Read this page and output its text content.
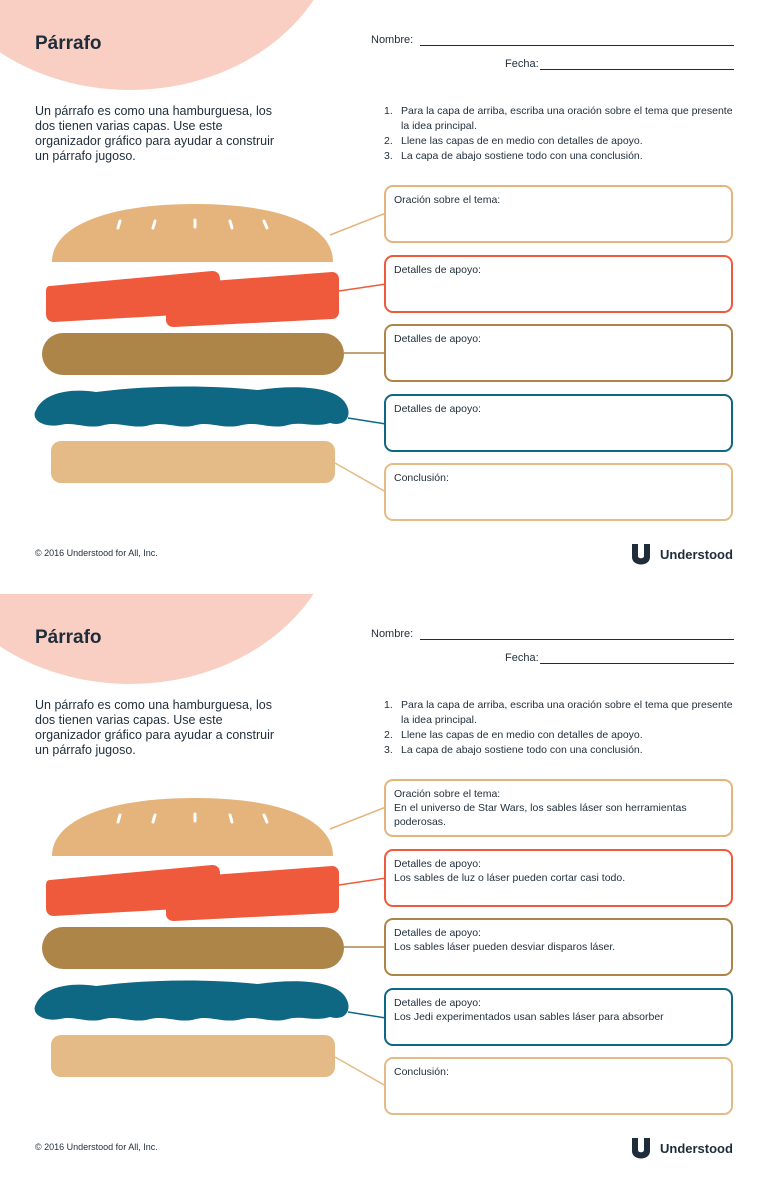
Párrafo	Nombre:
Fecha:

Un párrafo es como una hamburguesa, los dos tienen varias capas. Use este organizador gráfico para ayudar a construir un párrafo jugoso.

1. Para la capa de arriba, escriba una oración sobre el tema que presente la idea principal.
2. Llene las capas de en medio con detalles de apoyo.
3. La capa de abajo sostiene todo con una conclusión.
Oración sobre el tema:
Detalles de apoyo:
Detalles de apoyo:
Detalles de apoyo:
Conclusión:
© 2016 Understood for All, Inc.	Understood
Párrafo	Nombre:
Fecha:

Un párrafo es como una hamburguesa, los dos tienen varias capas. Use este organizador gráfico para ayudar a construir un párrafo jugoso.

1. Para la capa de arriba, escriba una oración sobre el tema que presente la idea principal.
2. Llene las capas de en medio con detalles de apoyo.
3. La capa de abajo sostiene todo con una conclusión.
Oración sobre el tema:
En el universo de Star Wars, los sables láser son herramientas poderosas.
Detalles de apoyo:
Los sables de luz o láser pueden cortar casi todo.
Detalles de apoyo:
Los sables láser pueden desviar disparos láser.
Detalles de apoyo:
Los Jedi experimentados usan sables láser para absorber
Conclusión:
© 2016 Understood for All, Inc.	Understood
